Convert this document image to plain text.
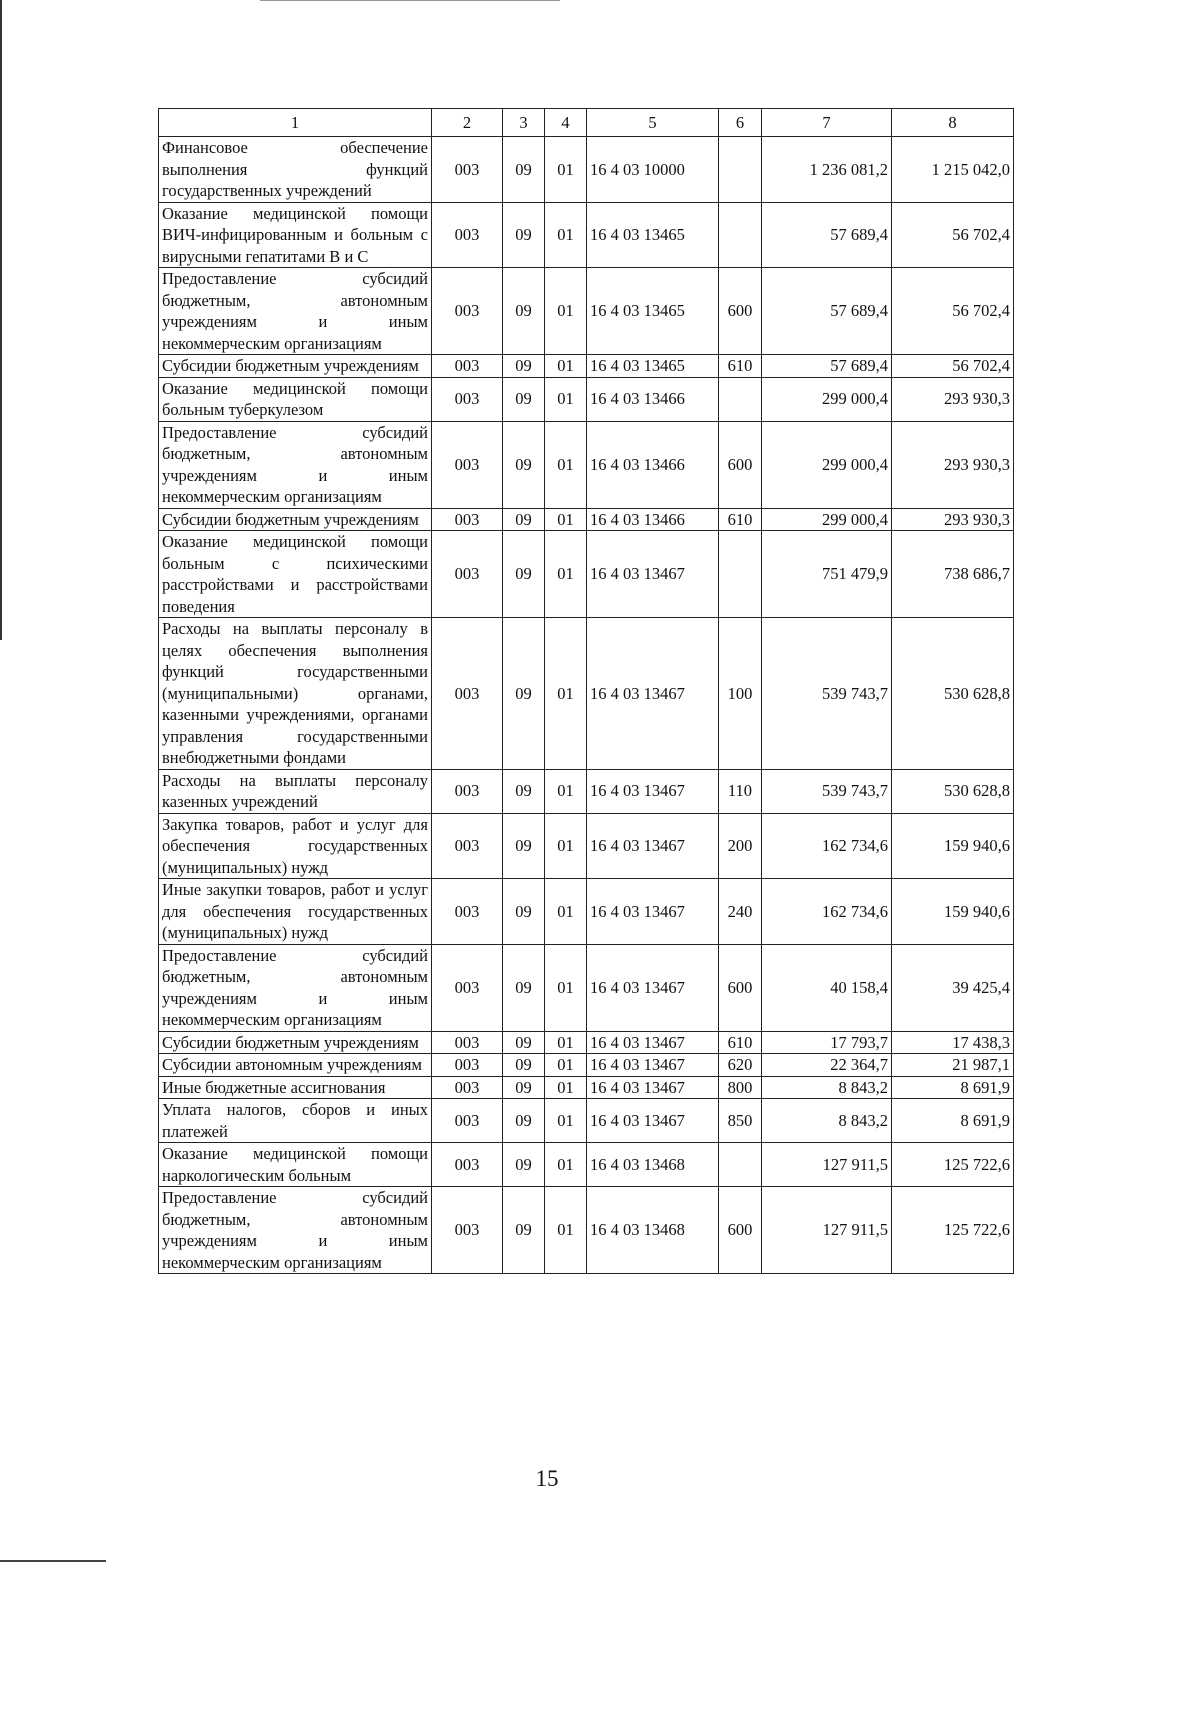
1	2	3	4	5	6	7	8
Финансовое обеспечение выполнения функций государственных учреждений	003	09	01	16 4 03 10000		1 236 081,2	1 215 042,0
Оказание медицинской помощи ВИЧ-инфицированным и больным с вирусными гепатитами В и С	003	09	01	16 4 03 13465		57 689,4	56 702,4
Предоставление субсидий бюджетным, автономным учреждениям и иным некоммерческим организациям	003	09	01	16 4 03 13465	600	57 689,4	56 702,4
Субсидии бюджетным учреждениям	003	09	01	16 4 03 13465	610	57 689,4	56 702,4
Оказание медицинской помощи больным туберкулезом	003	09	01	16 4 03 13466		299 000,4	293 930,3
Предоставление субсидий бюджетным, автономным учреждениям и иным некоммерческим организациям	003	09	01	16 4 03 13466	600	299 000,4	293 930,3
Субсидии бюджетным учреждениям	003	09	01	16 4 03 13466	610	299 000,4	293 930,3
Оказание медицинской помощи больным с психическими расстройствами и расстройствами поведения	003	09	01	16 4 03 13467		751 479,9	738 686,7
Расходы на выплаты персоналу в целях обеспечения выполнения функций государственными (муниципальными) органами, казенными учреждениями, органами управления государственными внебюджетными фондами	003	09	01	16 4 03 13467	100	539 743,7	530 628,8
Расходы на выплаты персоналу казенных учреждений	003	09	01	16 4 03 13467	110	539 743,7	530 628,8
Закупка товаров, работ и услуг для обеспечения государственных (муниципальных) нужд	003	09	01	16 4 03 13467	200	162 734,6	159 940,6
Иные закупки товаров, работ и услуг для обеспечения государственных (муниципальных) нужд	003	09	01	16 4 03 13467	240	162 734,6	159 940,6
Предоставление субсидий бюджетным, автономным учреждениям и иным некоммерческим организациям	003	09	01	16 4 03 13467	600	40 158,4	39 425,4
Субсидии бюджетным учреждениям	003	09	01	16 4 03 13467	610	17 793,7	17 438,3
Субсидии автономным учреждениям	003	09	01	16 4 03 13467	620	22 364,7	21 987,1
Иные бюджетные ассигнования	003	09	01	16 4 03 13467	800	8 843,2	8 691,9
Уплата налогов, сборов и иных платежей	003	09	01	16 4 03 13467	850	8 843,2	8 691,9
Оказание медицинской помощи наркологическим больным	003	09	01	16 4 03 13468		127 911,5	125 722,6
Предоставление субсидий бюджетным, автономным учреждениям и иным некоммерческим организациям	003	09	01	16 4 03 13468	600	127 911,5	125 722,6
15
